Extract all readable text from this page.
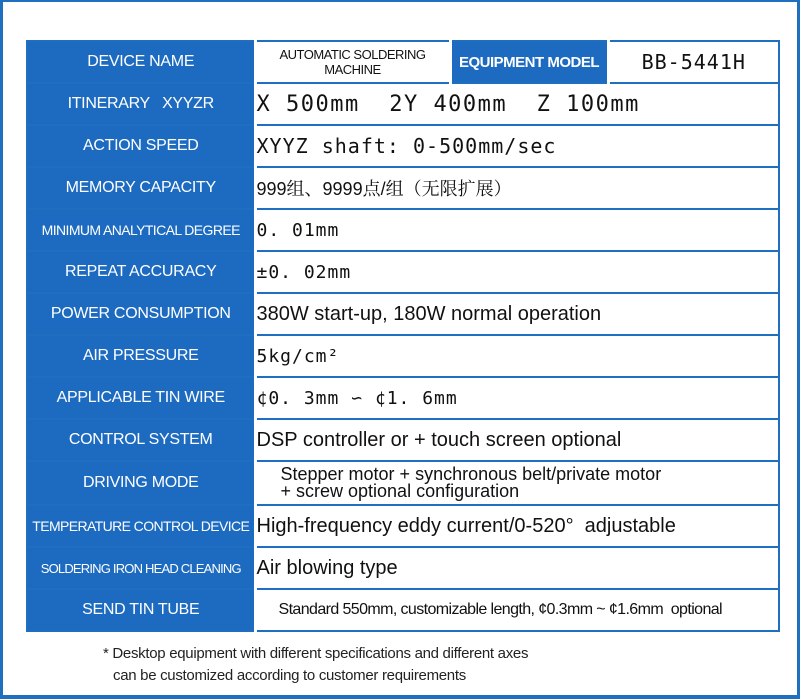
DEVICE NAME	AUTOMATIC SOLDERING MACHINE	EQUIPMENT MODEL	BB-5441H
ITINERARY   XYYZR	X 500mm  2Y 400mm  Z 100mm		
ACTION SPEED	XYYZ shaft: 0-500mm/sec		
MEMORY CAPACITY	999组、9999点/组（无限扩展）		
MINIMUM ANALYTICAL DEGREE	0. 01mm		
REPEAT ACCURACY	±0. 02mm		
POWER CONSUMPTION	380W start-up, 180W normal operation		
AIR PRESSURE	5kg/cm²		
APPLICABLE TIN WIRE	¢0. 3mm ∽ ¢1. 6mm		
CONTROL SYSTEM	DSP controller or + touch screen optional		
DRIVING MODE	Stepper motor + synchronous belt/private motor
+ screw optional configuration		

TEMPERATURE CONTROL DEVICE	High-frequency eddy current/0-520°  adjustable		
SOLDERING IRON HEAD CLEANING	Air blowing type		
SEND TIN TUBE	Standard 550mm, customizable length, ¢0.3mm ~ ¢1.6mm  optional		
* Desktop equipment with different specifications and different axes
can be customized according to customer requirements
